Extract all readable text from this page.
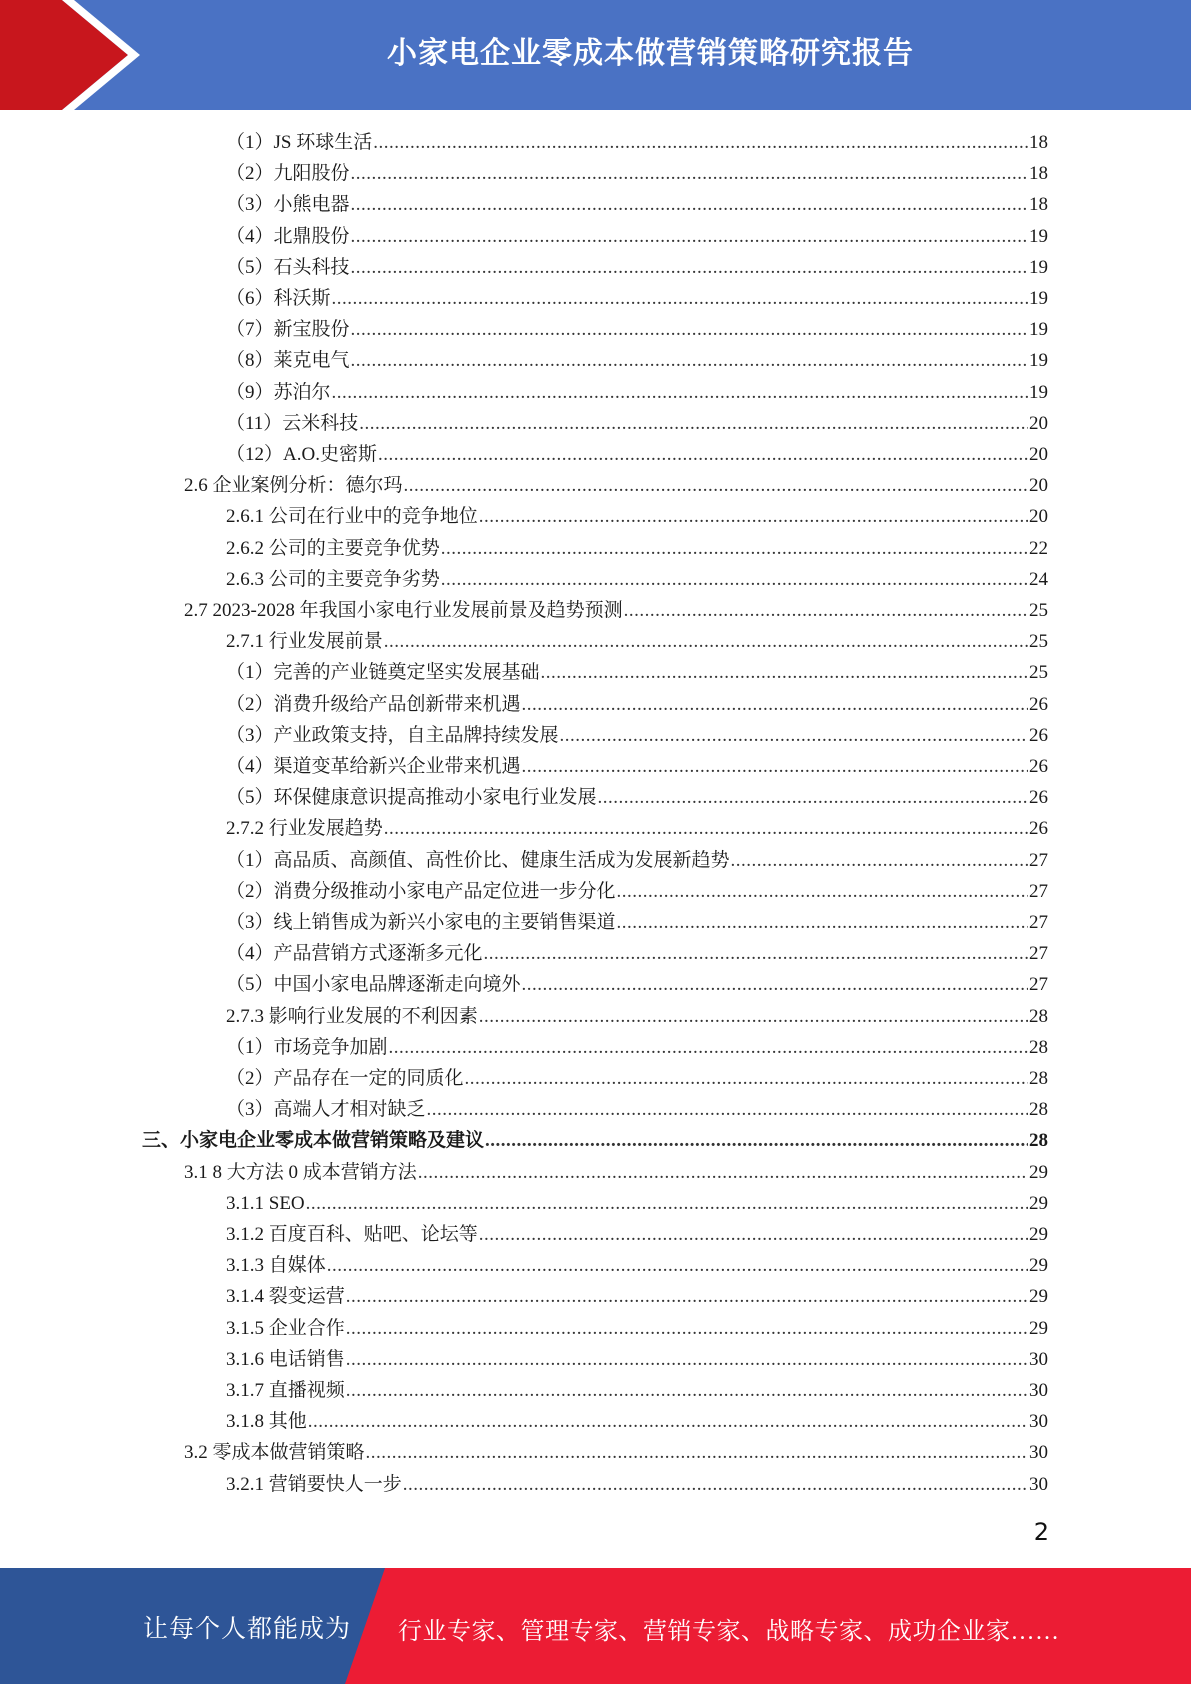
小家电企业零成本做营销策略研究报告
（1）JS 环球生活 .....	18
（2）九阳股份 .....	18
（3）小熊电器 .....	18
（4）北鼎股份 .....	19
（5）石头科技 .....	19
（6）科沃斯 .....	19
（7）新宝股份 .....	19
（8）莱克电气 .....	19
（9）苏泊尔 .....	19
（11）云米科技 .....	20
（12）A.O.史密斯 .....	20
2.6 企业案例分析：德尔玛 .....	20
2.6.1 公司在行业中的竞争地位 .....	20
2.6.2 公司的主要竞争优势 .....	22
2.6.3 公司的主要竞争劣势 .....	24
2.7 2023-2028 年我国小家电行业发展前景及趋势预测 .....	25
2.7.1 行业发展前景 .....	25
（1）完善的产业链奠定坚实发展基础 .....	25
（2）消费升级给产品创新带来机遇 .....	26
（3）产业政策支持，自主品牌持续发展 .....	26
（4）渠道变革给新兴企业带来机遇 .....	26
（5）环保健康意识提高推动小家电行业发展 .....	26
2.7.2 行业发展趋势 .....	26
（1）高品质、高颜值、高性价比、健康生活成为发展新趋势 .....	27
（2）消费分级推动小家电产品定位进一步分化 .....	27
（3）线上销售成为新兴小家电的主要销售渠道 .....	27
（4）产品营销方式逐渐多元化 .....	27
（5）中国小家电品牌逐渐走向境外 .....	27
2.7.3 影响行业发展的不利因素 .....	28
（1）市场竞争加剧 .....	28
（2）产品存在一定的同质化 .....	28
（3）高端人才相对缺乏 .....	28
三、小家电企业零成本做营销策略及建议 .....	28
3.1 8 大方法 0 成本营销方法 .....	29
3.1.1 SEO .....	29
3.1.2 百度百科、贴吧、论坛等 .....	29
3.1.3 自媒体 .....	29
3.1.4 裂变运营 .....	29
3.1.5 企业合作 .....	29
3.1.6 电话销售 .....	30
3.1.7 直播视频 .....	30
3.1.8 其他 .....	30
3.2 零成本做营销策略 .....	30
3.2.1 营销要快人一步 .....	30
2
让每个人都能成为 行业专家、管理专家、营销专家、战略专家、成功企业家……
